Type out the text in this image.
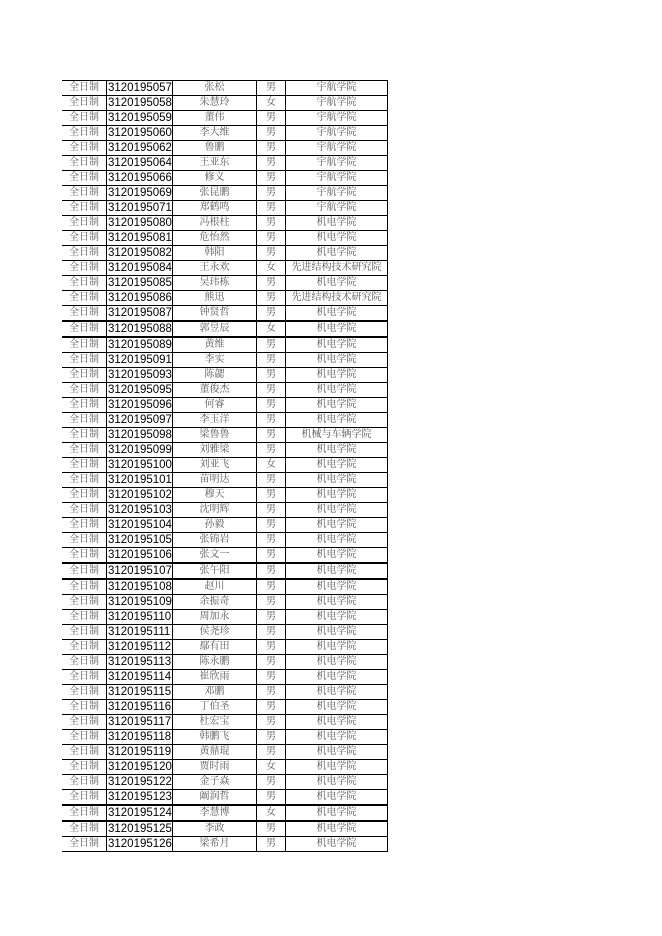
全日制	3120195057	张松	男	宇航学院
全日制	3120195058	朱慧玲	女	宇航学院
全日制	3120195059	董伟	男	宇航学院
全日制	3120195060	李大维	男	宇航学院
全日制	3120195062	鲁鹏	男	宇航学院
全日制	3120195064	王亚东	男	宇航学院
全日制	3120195066	修义	男	宇航学院
全日制	3120195069	张昆鹏	男	宇航学院
全日制	3120195071	郑鹤鸣	男	宇航学院
全日制	3120195080	冯根柱	男	机电学院
全日制	3120195081	危怡然	男	机电学院
全日制	3120195082	韩阳	男	机电学院
全日制	3120195084	王永欢	女	先进结构技术研究院
全日制	3120195085	吴玮栋	男	机电学院
全日制	3120195086	熊迅	男	先进结构技术研究院
全日制	3120195087	钟贤哲	男	机电学院
全日制	3120195088	郭昱辰	女	机电学院
全日制	3120195089	黄维	男	机电学院
全日制	3120195091	李实	男	机电学院
全日制	3120195093	陈勰	男	机电学院
全日制	3120195095	董俊杰	男	机电学院
全日制	3120195096	何睿	男	机电学院
全日制	3120195097	李玉洋	男	机电学院
全日制	3120195098	梁鲁鲁	男	机械与车辆学院
全日制	3120195099	刘雅梁	男	机电学院
全日制	3120195100	刘亚飞	女	机电学院
全日制	3120195101	苗明达	男	机电学院
全日制	3120195102	穆天	男	机电学院
全日制	3120195103	沈明辉	男	机电学院
全日制	3120195104	孙毅	男	机电学院
全日制	3120195105	张锦岩	男	机电学院
全日制	3120195106	张文一	男	机电学院
全日制	3120195107	张午阳	男	机电学院
全日制	3120195108	赵川	男	机电学院
全日制	3120195109	余振奇	男	机电学院
全日制	3120195110	周加永	男	机电学院
全日制	3120195111	侯尧珍	男	机电学院
全日制	3120195112	鄢有田	男	机电学院
全日制	3120195113	陈永鹏	男	机电学院
全日制	3120195114	崔欣雨	男	机电学院
全日制	3120195115	邓鹏	男	机电学院
全日制	3120195116	丁伯圣	男	机电学院
全日制	3120195117	杜宏宝	男	机电学院
全日制	3120195118	韩鹏飞	男	机电学院
全日制	3120195119	黄鼎琨	男	机电学院
全日制	3120195120	贾时雨	女	机电学院
全日制	3120195122	金子焱	男	机电学院
全日制	3120195123	阚润哲	男	机电学院
全日制	3120195124	李慧博	女	机电学院
全日制	3120195125	李政	男	机电学院
全日制	3120195126	梁希月	男	机电学院
